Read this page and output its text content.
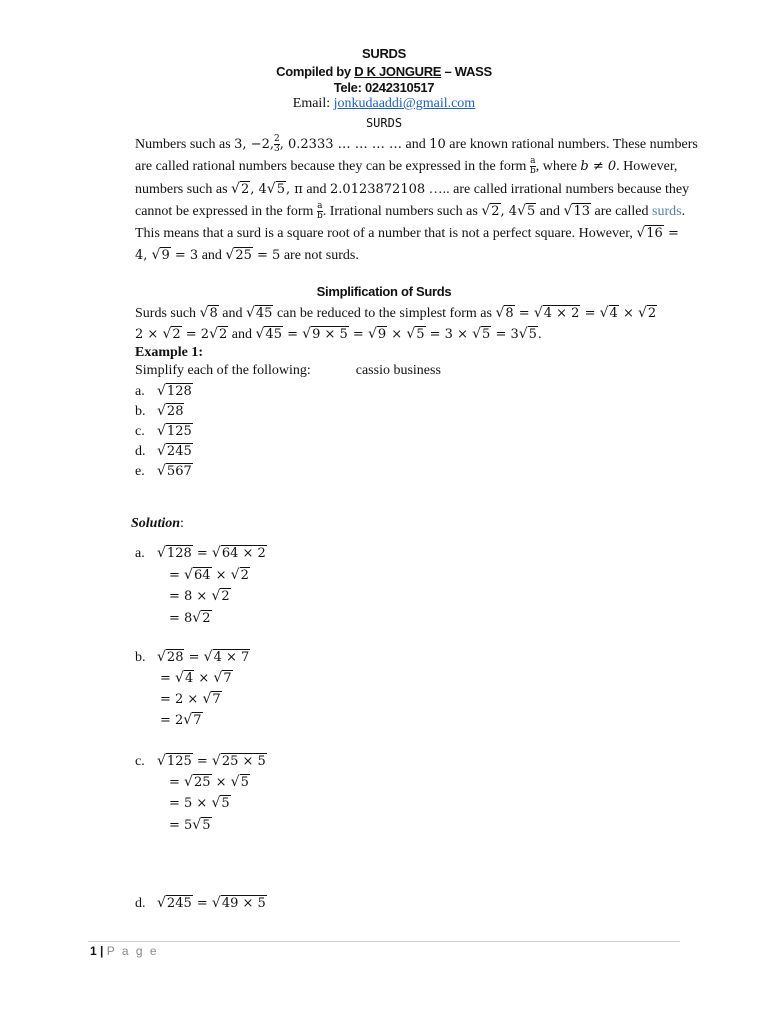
SURDS
Compiled by D K JONGURE – WASS
Tele: 0242310517
Email: jonkudaaddi@gmail.com
SURDS
Numbers such as 3, −2, $\frac{2}{3}$ , 0.2333 … … … … and 10 are known rational numbers. These numbers
are called rational numbers because they can be expressed in the form $\frac{a}{b}$ , where b ≠ 0. However,
numbers such as √2, 4√5, π and 2.0123872108 ….. are called irrational numbers because they
cannot be expressed in the form $\frac{a}{b}$ . Irrational numbers such as √2, 4√5 and √13 are called surds.
This means that a surd is a square root of a number that is not a perfect square. However, √16 =
4, √9 = 3 and √25 = 5 are not surds.
Simplification of Surds
Surds such √8 and √45 can be reduced to the simplest form as √8 = √4 × 2 = √4 × √2
2 × √2 = 2√2 and √45 = √9 × 5 = √9 × √5 = 3 × √5 = 3√5.
Example 1:
Simplify each of the following:	cassio business
a. √128
b. √28
c. √125
d. √245
e. √567
Solution:
a. √128 = √64 × 2
= √64 × √2
= 8 × √2
= 8√2
b. √28 = √4 × 7
= √4 × √7
= 2 × √7
= 2√7
c. √125 = √25 × 5
= √25 × √5
= 5 × √5
= 5√5
d. √245 = √49 × 5
1 | P a g e
